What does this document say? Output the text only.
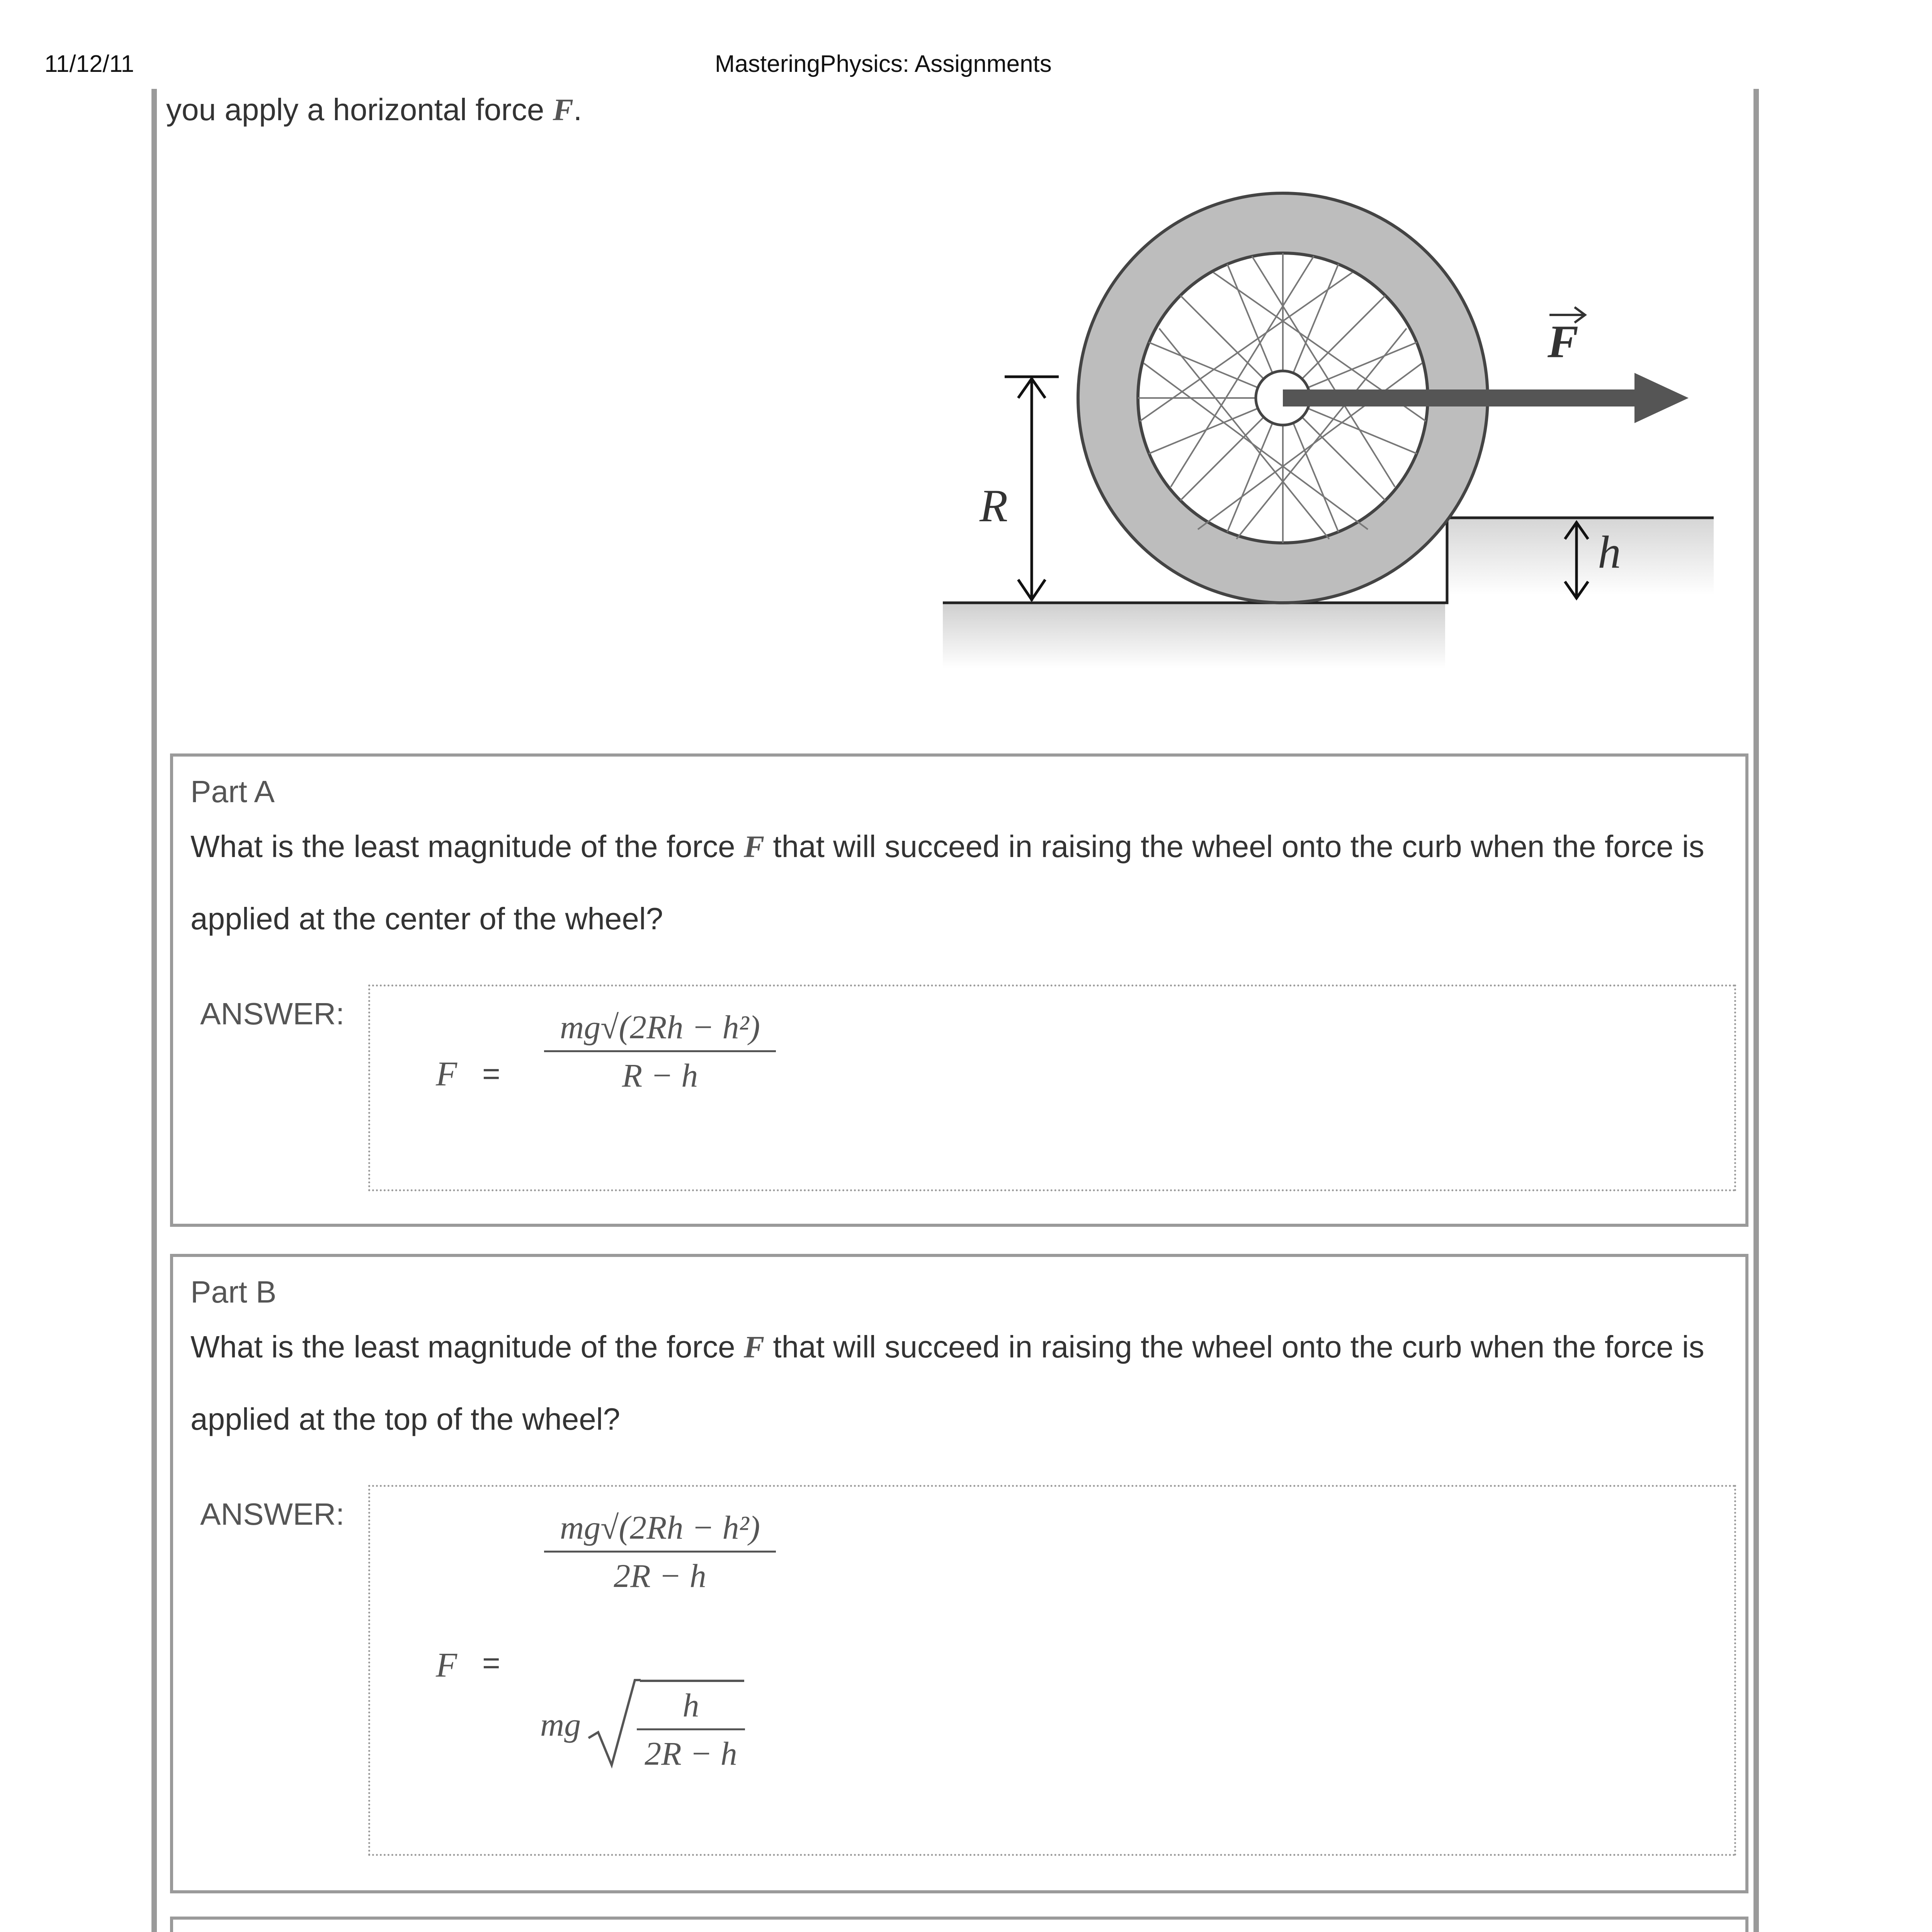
11/12/11	MasteringPhysics: Assignments
you apply a horizontal force F.
R
h
F
Part A
What is the least magnitude of the force F that will succeed in raising the wheel onto the curb when the force is applied at the center of the wheel?
ANSWER:
F =
mg√(2Rh − h²)
R − h
Part B
What is the least magnitude of the force F that will succeed in raising the wheel onto the curb when the force is applied at the top of the wheel?
ANSWER:
F =
mg√(2Rh − h²)
2R − h
mg
h
2R − h
